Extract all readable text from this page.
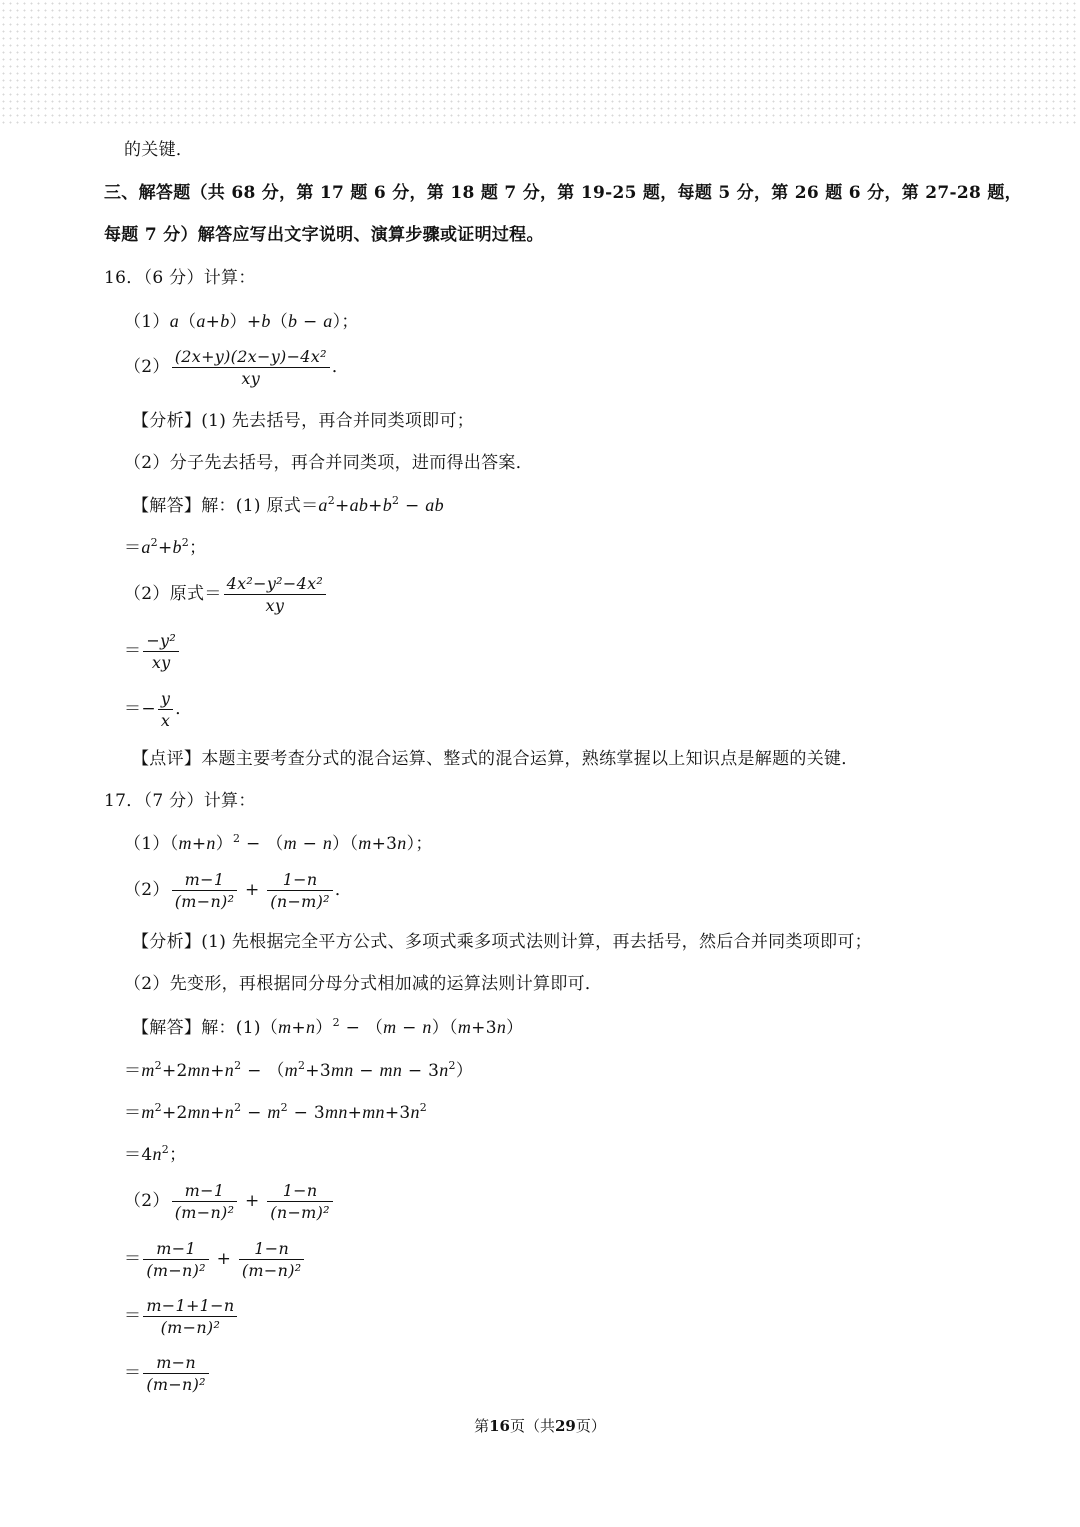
的关键．
三、解答题（共 68 分，第 17 题 6 分，第 18 题 7 分，第 19-25 题，每题 5 分，第 26 题 6 分，第 27-28 题，
每题 7 分）解答应写出文字说明、演算步骤或证明过程。
16．（6 分）计算：
（1）a（a+b）+b（b − a）；
$(2) \frac{\text{(2x+y)(2x−y)−4x²}}{xy}$ ．
【分析】(1) 先去括号，再合并同类项即可；
（2）分子先去括号，再合并同类项，进而得出答案．
【解答】解：(1) 原式$=a^2+ab+b^2$ − ab
$=a^2+b^2$；
（2）原式＝ $\frac{\text{4x²−y²−4x²}}{xy}$
＝ $\frac{\text{−y²}}{xy}$
＝− $\frac{y}{x}$ ．
【点评】本题主要考查分式的混合运算、整式的混合运算，熟练掌握以上知识点是解题的关键．
17．（7 分）计算：
$(1)(m+n)^2 - (m - n)(m+3n)$；
$(2) \frac{m-1}{\text{(m−n)²}} + \frac{1-n}{\text{(n−m)²}}$ ．
【分析】(1) 先根据完全平方公式、多项式乘多项式法则计算，再去括号，然后合并同类项即可；
（2）先变形，再根据同分母分式相加减的运算法则计算即可．
【解答】解：$(1)(m+n)^2 - (m - n)(m+3n)$
$=m^2+2mn+n^2 - (m^2+3mn$ − mn − $3n^2$）
$=m^2+2mn+n^2 - m^2 - 3mn+mn+3n^2$
$=4n^2$；
$(2) \frac{m-1}{\text{(m−n)²}} + \frac{1-n}{\text{(n−m)²}}$
＝ $\frac{m-1}{\text{(m−n)²}} + \frac{1-n}{\text{(m−n)²}}$
＝ $\frac{m-1+1-n}{\text{(m−n)²}}$
＝ $\frac{m-n}{\text{(m−n)²}}$
第16页（共29页）
